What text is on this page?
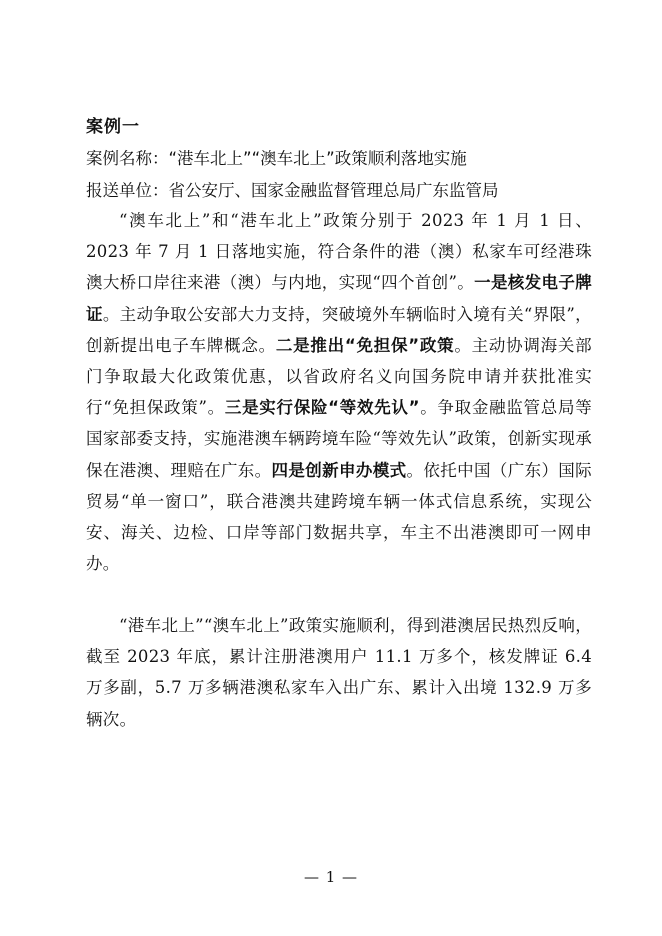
案例一
案例名称：“港车北上”“澳车北上”政策顺利落地实施
报送单位：省公安厅、国家金融监督管理总局广东监管局

“澳车北上”和“港车北上”政策分别于 2023 年 1 月 1 日、2023 年 7 月 1 日落地实施，符合条件的港（澳）私家车可经港珠澳大桥口岸往来港（澳）与内地，实现“四个首创”。一是核发电子牌证。主动争取公安部大力支持，突破境外车辆临时入境有关“界限”，创新提出电子车牌概念。二是推出“免担保”政策。主动协调海关部门争取最大化政策优惠，以省政府名义向国务院申请并获批准实行“免担保政策”。三是实行保险“等效先认”。争取金融监管总局等国家部委支持，实施港澳车辆跨境车险“等效先认”政策，创新实现承保在港澳、理赔在广东。四是创新申办模式。依托中国（广东）国际贸易“单一窗口”，联合港澳共建跨境车辆一体式信息系统，实现公安、海关、边检、口岸等部门数据共享，车主不出港澳即可一网申办。

“港车北上”“澳车北上”政策实施顺利，得到港澳居民热烈反响，截至 2023 年底，累计注册港澳用户 11.1 万多个，核发牌证 6.4 万多副，5.7 万多辆港澳私家车入出广东、累计入出境 132.9 万多辆次。

— 1 —
